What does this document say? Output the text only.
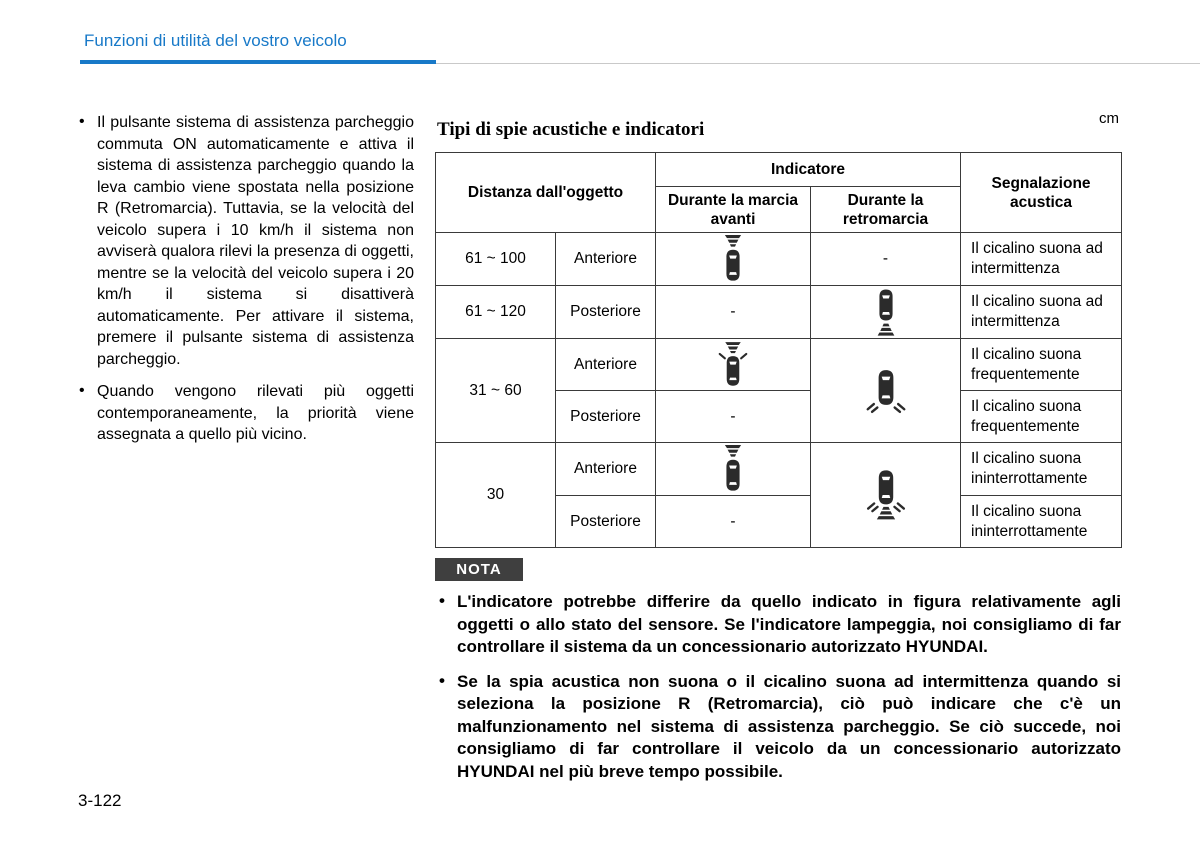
Funzioni di utilità del vostro veicolo
• Il pulsante sistema di assistenza parcheggio commuta ON automaticamente e attiva il sistema di assistenza parcheggio quando la leva cambio viene spostata nella posizione R (Retromarcia). Tuttavia, se la velocità del veicolo supera i 10 km/h il sistema non avviserà qualora rilevi la presenza di oggetti, mentre se la velocità del veicolo supera i 20 km/h il sistema si disattiverà automaticamente. Per attivare il sistema, premere il pulsante sistema di assistenza parcheggio.
• Quando vengono rilevati più oggetti contemporaneamente, la priorità viene assegnata a quello più vicino.
Tipi di spie acustiche e indicatori
cm
Distanza dall'oggetto		Indicatore		Segnalazione acustica
		Durante la marcia avanti	Durante la retromarcia	
61 ~ 100	Anteriore		-	Il cicalino suona ad intermittenza
61 ~ 120	Posteriore	-		Il cicalino suona ad intermittenza
31 ~ 60	Anteriore			Il cicalino suona frequentemente
	Posteriore	-		Il cicalino suona frequentemente
30	Anteriore			Il cicalino suona ininterrottamente
	Posteriore	-		Il cicalino suona ininterrottamente
NOTA
• L'indicatore potrebbe differire da quello indicato in figura relativamente agli oggetti o allo stato del sensore. Se l'indicatore lampeggia, noi consigliamo di far controllare il sistema da un concessionario autorizzato HYUNDAI.
• Se la spia acustica non suona o il cicalino suona ad intermittenza quando si seleziona la posizione R (Retromarcia), ciò può indicare che c'è un malfunzionamento nel sistema di assistenza parcheggio. Se ciò succede, noi consigliamo di far controllare il veicolo da un concessionario autorizzato HYUNDAI nel più breve tempo possibile.
3-122
